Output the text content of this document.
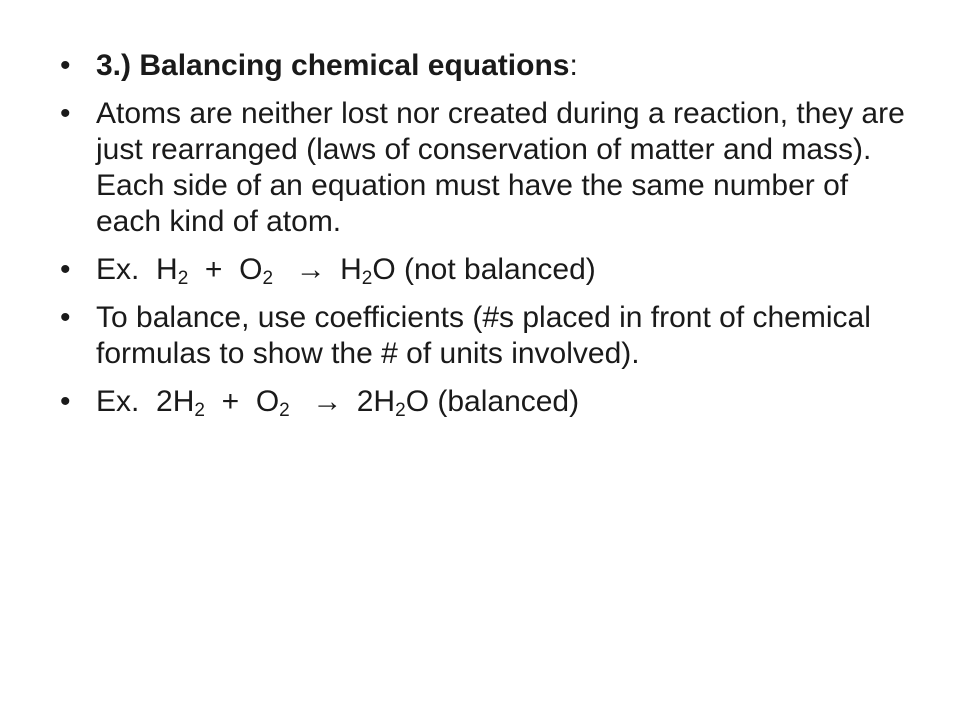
• 3.) Balancing chemical equations:
• Atoms are neither lost nor created during a reaction, they are just rearranged (laws of conservation of matter and mass). Each side of an equation must have the same number of each kind of atom.
• Ex.  $H_2 + O_2 \to H_2O$ (not balanced)
• To balance, use coefficients (#s placed in front of chemical formulas to show the # of units involved).
• Ex.  $2H_2 + O_2 \to 2H_2O$ (balanced)
